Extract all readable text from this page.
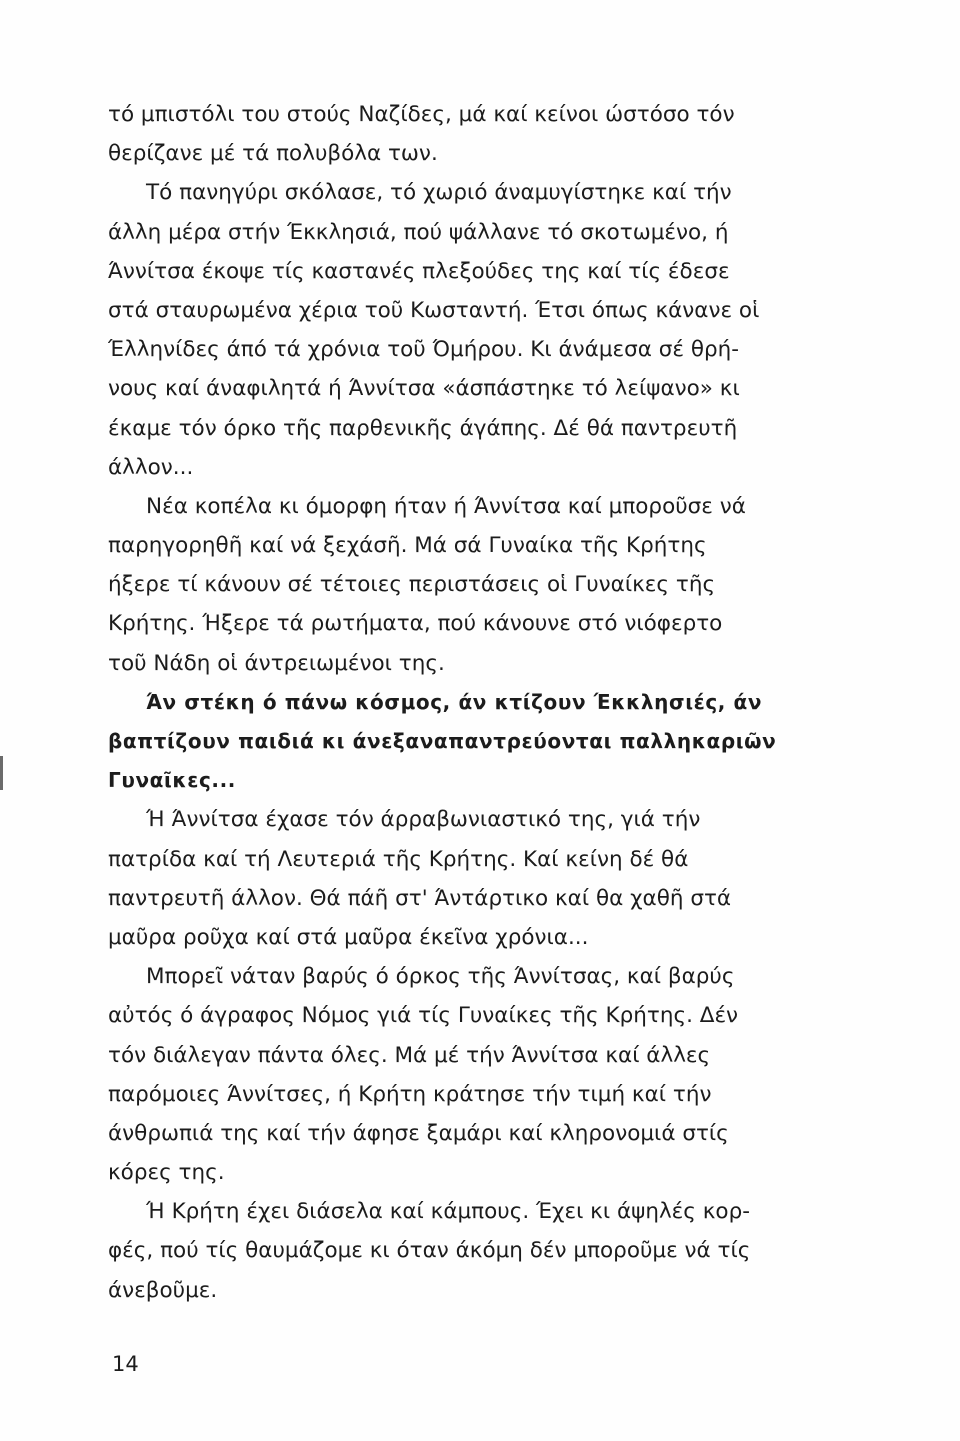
τό μπιστόλι του στούς Ναζίδες, μά καί κείνοι ώστόσο τόν
θερίζανε μέ τά πολυβόλα των.
Τό πανηγύρι σκόλασε, τό χωριό άναμυγίστηκε καί τήν
άλλη μέρα στήν Έκκλησιά, πού ψάλλανε τό σκοτωμένο, ή
Άννίτσα έκοψε τίς καστανές πλεξούδες της καί τίς έδεσε
στά σταυρωμένα χέρια τοῦ Κωσταντή. Έτσι όπως κάνανε οἱ
Έλληνίδες άπό τά χρόνια τοῦ Όμήρου. Κι άνάμεσα σέ θρή-
νους καί άναφιλητά ή Άννίτσα «άσπάστηκε τό λείψανο» κι
έκαμε τόν όρκο τῆς παρθενικῆς άγάπης. Δέ θά παντρευτῆ
άλλον...
Νέα κοπέλα κι όμορφη ήταν ή Άννίτσα καί μποροῦσε νά
παρηγορηθῆ καί νά ξεχάσῆ. Μά σά Γυναίκα τῆς Κρήτης
ήξερε τί κάνουν σέ τέτοιες περιστάσεις οἱ Γυναίκες τῆς
Κρήτης. Ήξερε τά ρωτήματα, πού κάνουνε στό νιόφερτο
τοῦ Νάδη οἱ άντρειωμένοι της.
Άν στέκη ό πάνω κόσμος, άν κτίζουν Έκκλησιές, άν
βαπτίζουν παιδιά κι άνεξαναπαντρεύονται παλληκαριῶν
Γυναῖκες...
Ή Άννίτσα έχασε τόν άρραβωνιαστικό της, γιά τήν
πατρίδα καί τή Λευτεριά τῆς Κρήτης. Καί κείνη δέ θά
παντρευτῆ άλλον. Θά πάῆ στ' Άντάρτικο καί θα χαθῆ στά
μαῦρα ροῦχα καί στά μαῦρα έκεῖνα χρόνια...
Μπορεῖ νάταν βαρύς ό όρκος τῆς Άννίτσας, καί βαρύς
αὐτός ό άγραφος Νόμος γιά τίς Γυναίκες τῆς Κρήτης. Δέν
τόν διάλεγαν πάντα όλες. Μά μέ τήν Άννίτσα καί άλλες
παρόμοιες Άννίτσες, ή Κρήτη κράτησε τήν τιμή καί τήν
άνθρωπιά της καί τήν άφησε ξαμάρι καί κληρονομιά στίς
κόρες της.
Ή Κρήτη έχει διάσελα καί κάμπους. Έχει κι άψηλές κορ-
φές, πού τίς θαυμάζομε κι όταν άκόμη δέν μποροῦμε νά τίς
άνεβοῦμε.
14
